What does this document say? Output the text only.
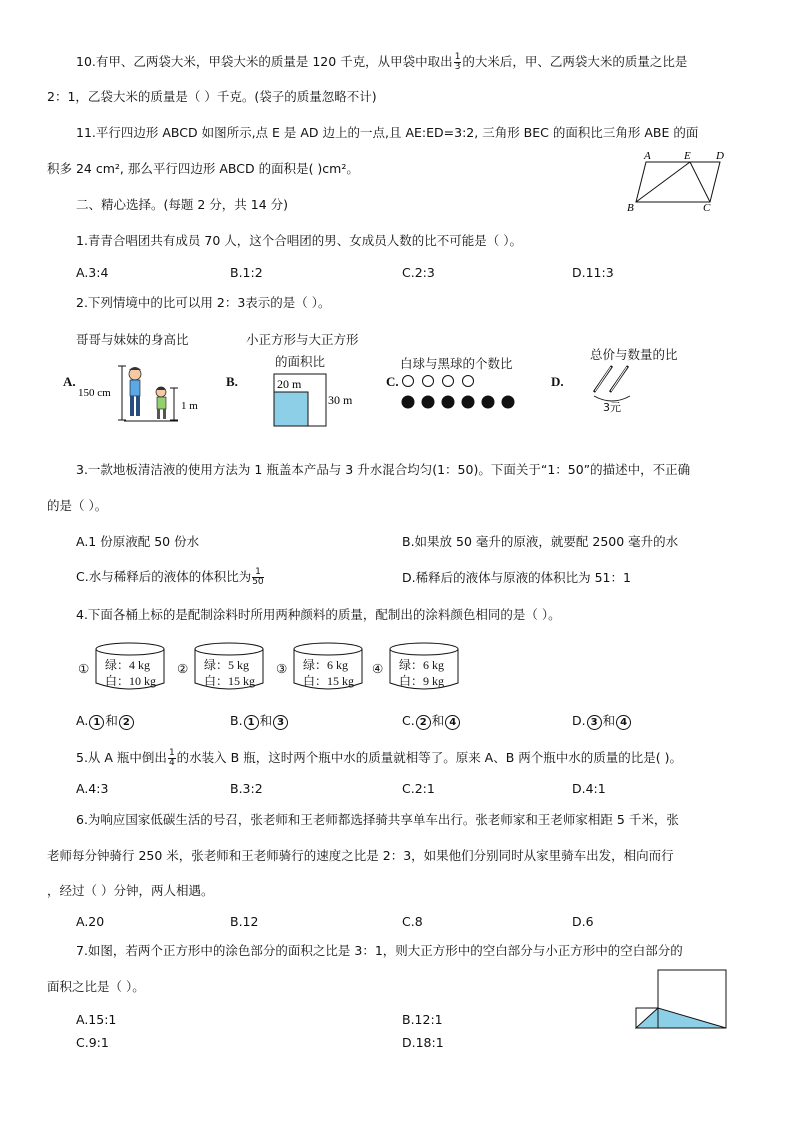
10.有甲、乙两袋大米，甲袋大米的质量是 120 千克，从甲袋中取出 $\frac{1}{3}$ 的大米后，甲、乙两袋大米的质量之比是
2：1，乙袋大米的质量是（ ）千克。(袋子的质量忽略不计)
11.平行四边形 ABCD 如图所示,点 E 是 AD 边上的一点,且 AE:ED=3:2, 三角形 BEC 的面积比三角形 ABE 的面
积多 24 cm², 那么平行四边形 ABCD 的面积是( )cm²。
A	E D
B	C
二、精心选择。(每题 2 分，共 14 分)
1.青青合唱团共有成员 70 人，这个合唱团的男、女成员人数的比不可能是（ ）。
A.3:4	B.1:2	C.2:3	D.11:3
2.下列情境中的比可以用 2：3表示的是（ ）。
哥哥与妹妹的身高比	小正方形与大正方形
的面积比	白球与黑球的个数比
总价与数量的比
A.	B.	C.	D.
150 cm
1 m
20 m
30 m
3元
3.一款地板清洁液的使用方法为 1 瓶盖本产品与 3 升水混合均匀(1：50)。下面关于“1：50”的描述中，不正确
的是（ ）。
A.1 份原液配 50 份水	B.如果放 50 毫升的原液，就要配 2500 毫升的水
C.水与稀释后的液体的体积比为 $\frac{1}{50}$	D.稀释后的液体与原液的体积比为 51：1
4.下面各桶上标的是配制涂料时所用两种颜料的质量，配制出的涂料颜色相同的是（ ）。
① 绿：4 kg
白：10 kg
② 绿：5 kg
白：15 kg
③ 绿：6 kg
白：15 kg
④ 绿：6 kg
白：9 kg
A. 1 和 2	B. 1 和 3	C. 2 和 4	D. 3 和 4
5.从 A 瓶中倒出 $\frac{1}{4}$ 的水装入 B 瓶，这时两个瓶中水的质量就相等了。原来 A、B 两个瓶中水的质量的比是( )。
A.4:3	B.3:2	C.2:1	D.4:1
6.为响应国家低碳生活的号召，张老师和王老师都选择骑共享单车出行。张老师家和王老师家相距 5 千米，张
老师每分钟骑行 250 米，张老师和王老师骑行的速度之比是 2：3，如果他们分别同时从家里骑车出发，相向而行
，经过（ ）分钟，两人相遇。
A.20	B.12	C.8	D.6
7.如图，若两个正方形中的涂色部分的面积之比是 3：1，则大正方形中的空白部分与小正方形中的空白部分的
面积之比是（ ）。
A.15:1	B.12:1
C.9:1	D.18:1
